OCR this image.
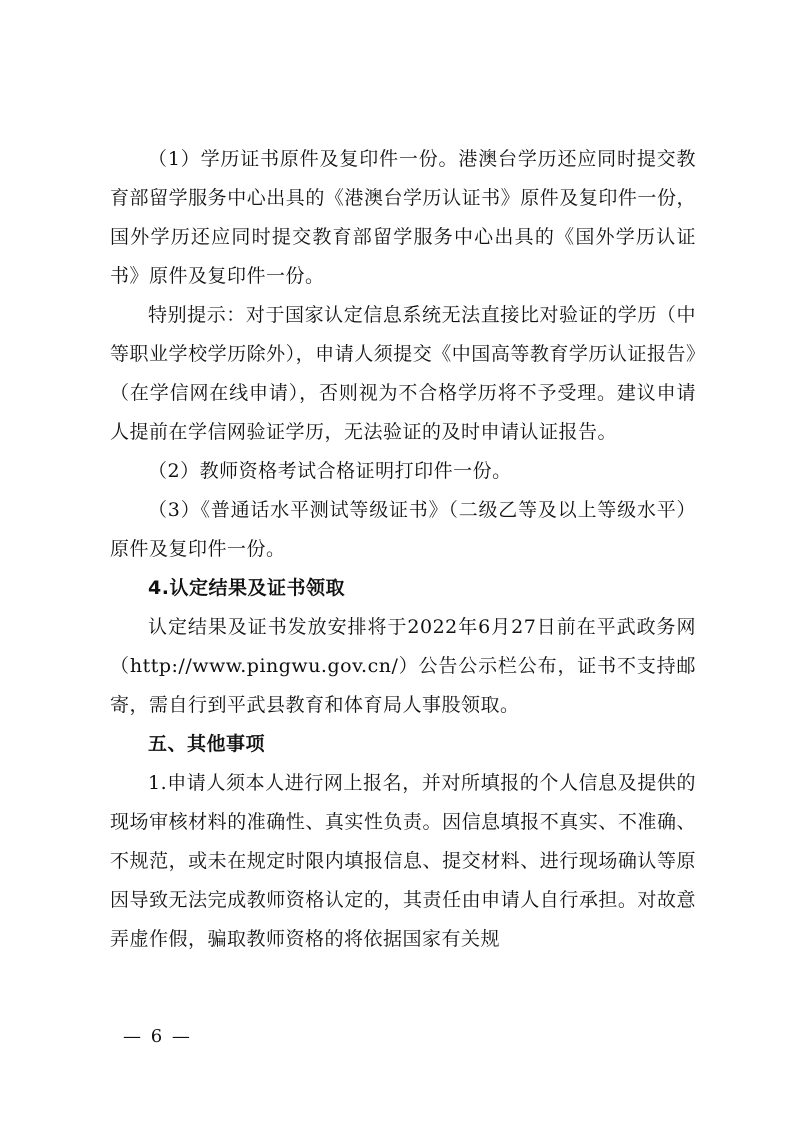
（1）学历证书原件及复印件一份。港澳台学历还应同时提交教育部留学服务中心出具的《港澳台学历认证书》原件及复印件一份，国外学历还应同时提交教育部留学服务中心出具的《国外学历认证书》原件及复印件一份。

特别提示：对于国家认定信息系统无法直接比对验证的学历（中等职业学校学历除外），申请人须提交《中国高等教育学历认证报告》（在学信网在线申请），否则视为不合格学历将不予受理。建议申请人提前在学信网验证学历，无法验证的及时申请认证报告。

（2）教师资格考试合格证明打印件一份。

（3）《普通话水平测试等级证书》（二级乙等及以上等级水平）原件及复印件一份。

4.认定结果及证书领取

认定结果及证书发放安排将于2022年6月27日前在平武政务网（http://www.pingwu.gov.cn/）公告公示栏公布，证书不支持邮寄，需自行到平武县教育和体育局人事股领取。

五、其他事项

1.申请人须本人进行网上报名，并对所填报的个人信息及提供的现场审核材料的准确性、真实性负责。因信息填报不真实、不准确、不规范，或未在规定时限内填报信息、提交材料、进行现场确认等原因导致无法完成教师资格认定的，其责任由申请人自行承担。对故意弄虚作假，骗取教师资格的将依据国家有关规

— 6 —
